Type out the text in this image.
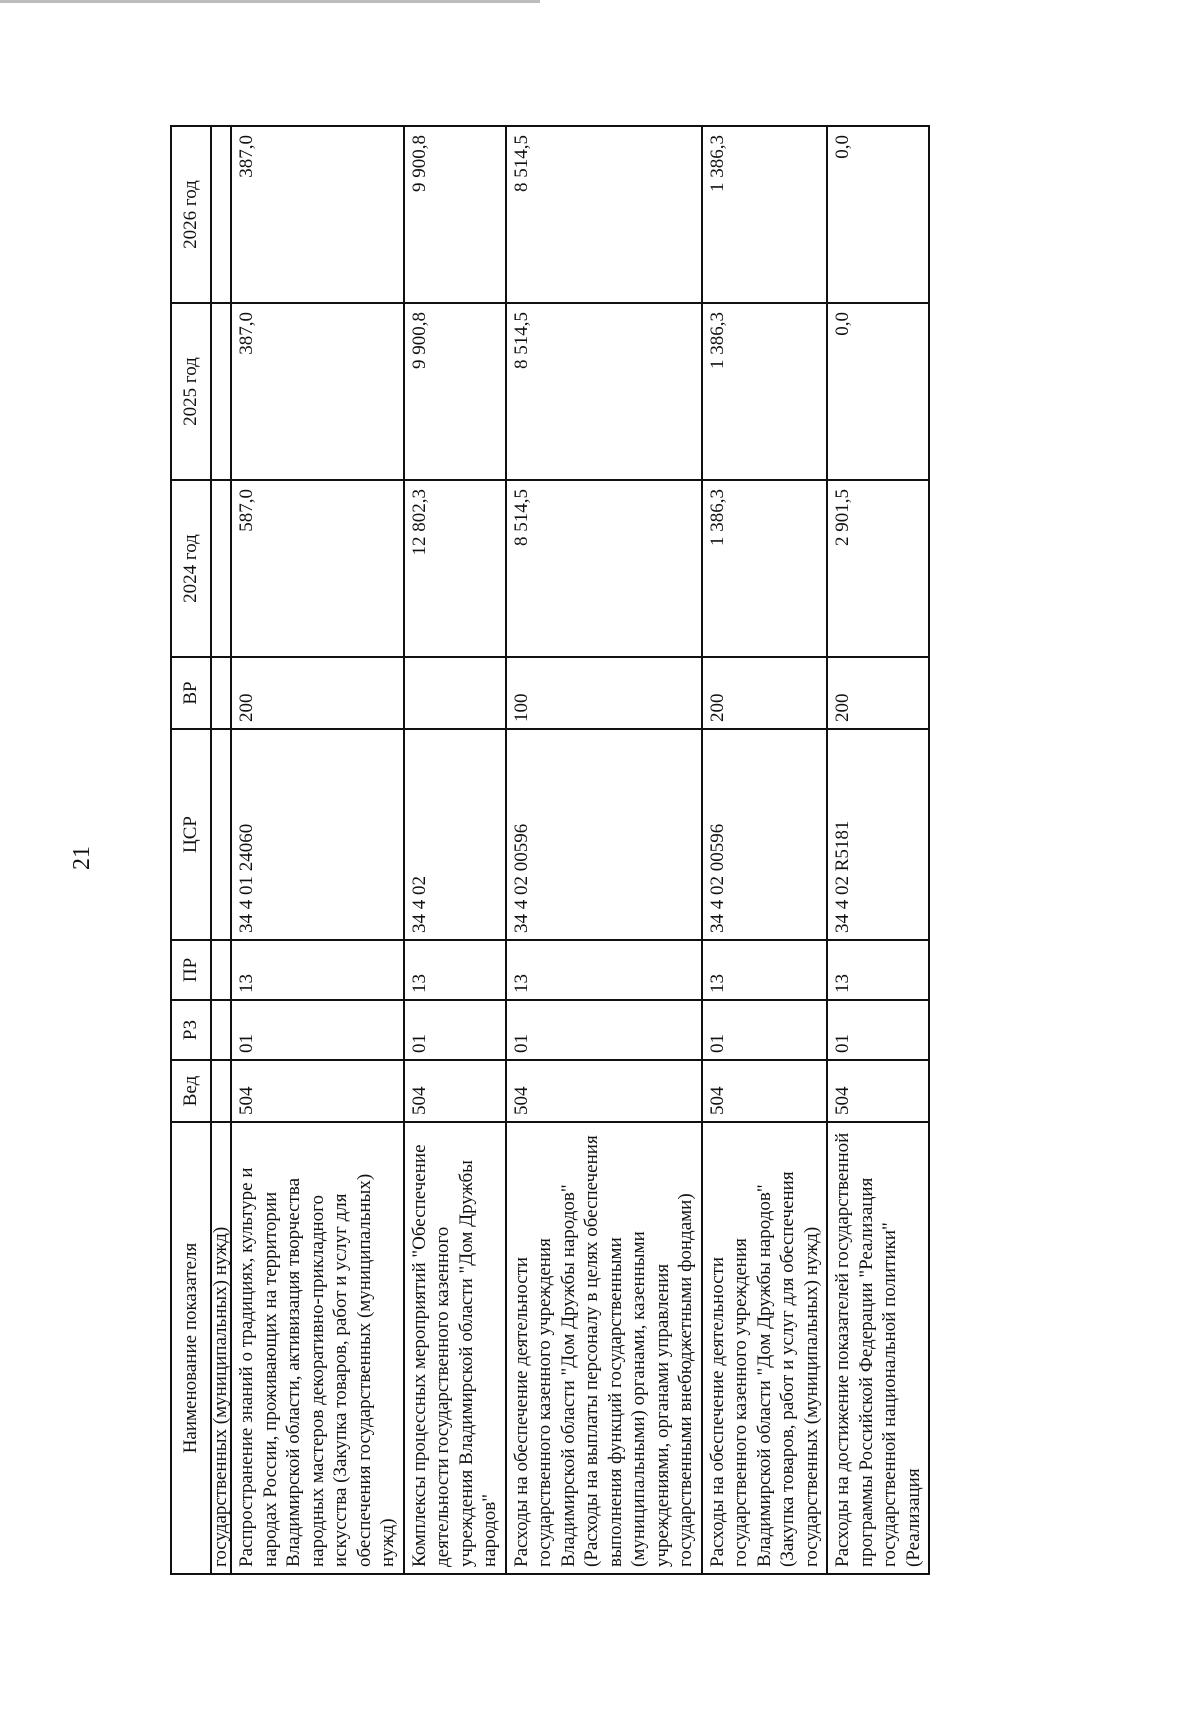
21
Наименование показателя	Вед	РЗ	ПР	ЦСР	ВР	2024 год	2025 год	2026 год
государственных (муниципальных) нужд)								
Распространение знаний о традициях, культуре и народах России, проживающих на территории Владимирской области, активизация творчества народных мастеров декоративно-прикладного искусства (Закупка товаров, работ и услуг для обеспечения государственных (муниципальных) нужд)	504	01	13	34 4 01 24060	200	587,0	387,0	387,0
Комплексы процессных мероприятий "Обеспечение деятельности государственного казенного учреждения Владимирской области "Дом Дружбы народов"	504	01	13	34 4 02		12 802,3	9 900,8	9 900,8
Расходы на обеспечение деятельности государственного казенного учреждения Владимирской области "Дом Дружбы народов" (Расходы на выплаты персоналу в целях обеспечения выполнения функций государственными (муниципальными) органами, казенными учреждениями, органами управления государственными внебюджетными фондами)	504	01	13	34 4 02 00596	100	8 514,5	8 514,5	8 514,5
Расходы на обеспечение деятельности государственного казенного учреждения Владимирской области "Дом Дружбы народов" (Закупка товаров, работ и услуг для обеспечения государственных (муниципальных) нужд)	504	01	13	34 4 02 00596	200	1 386,3	1 386,3	1 386,3
Расходы на достижение показателей государственной программы Российской Федерации "Реализация государственной национальной политики" (Реализация	504	01	13	34 4 02 R5181	200	2 901,5	0,0	0,0
